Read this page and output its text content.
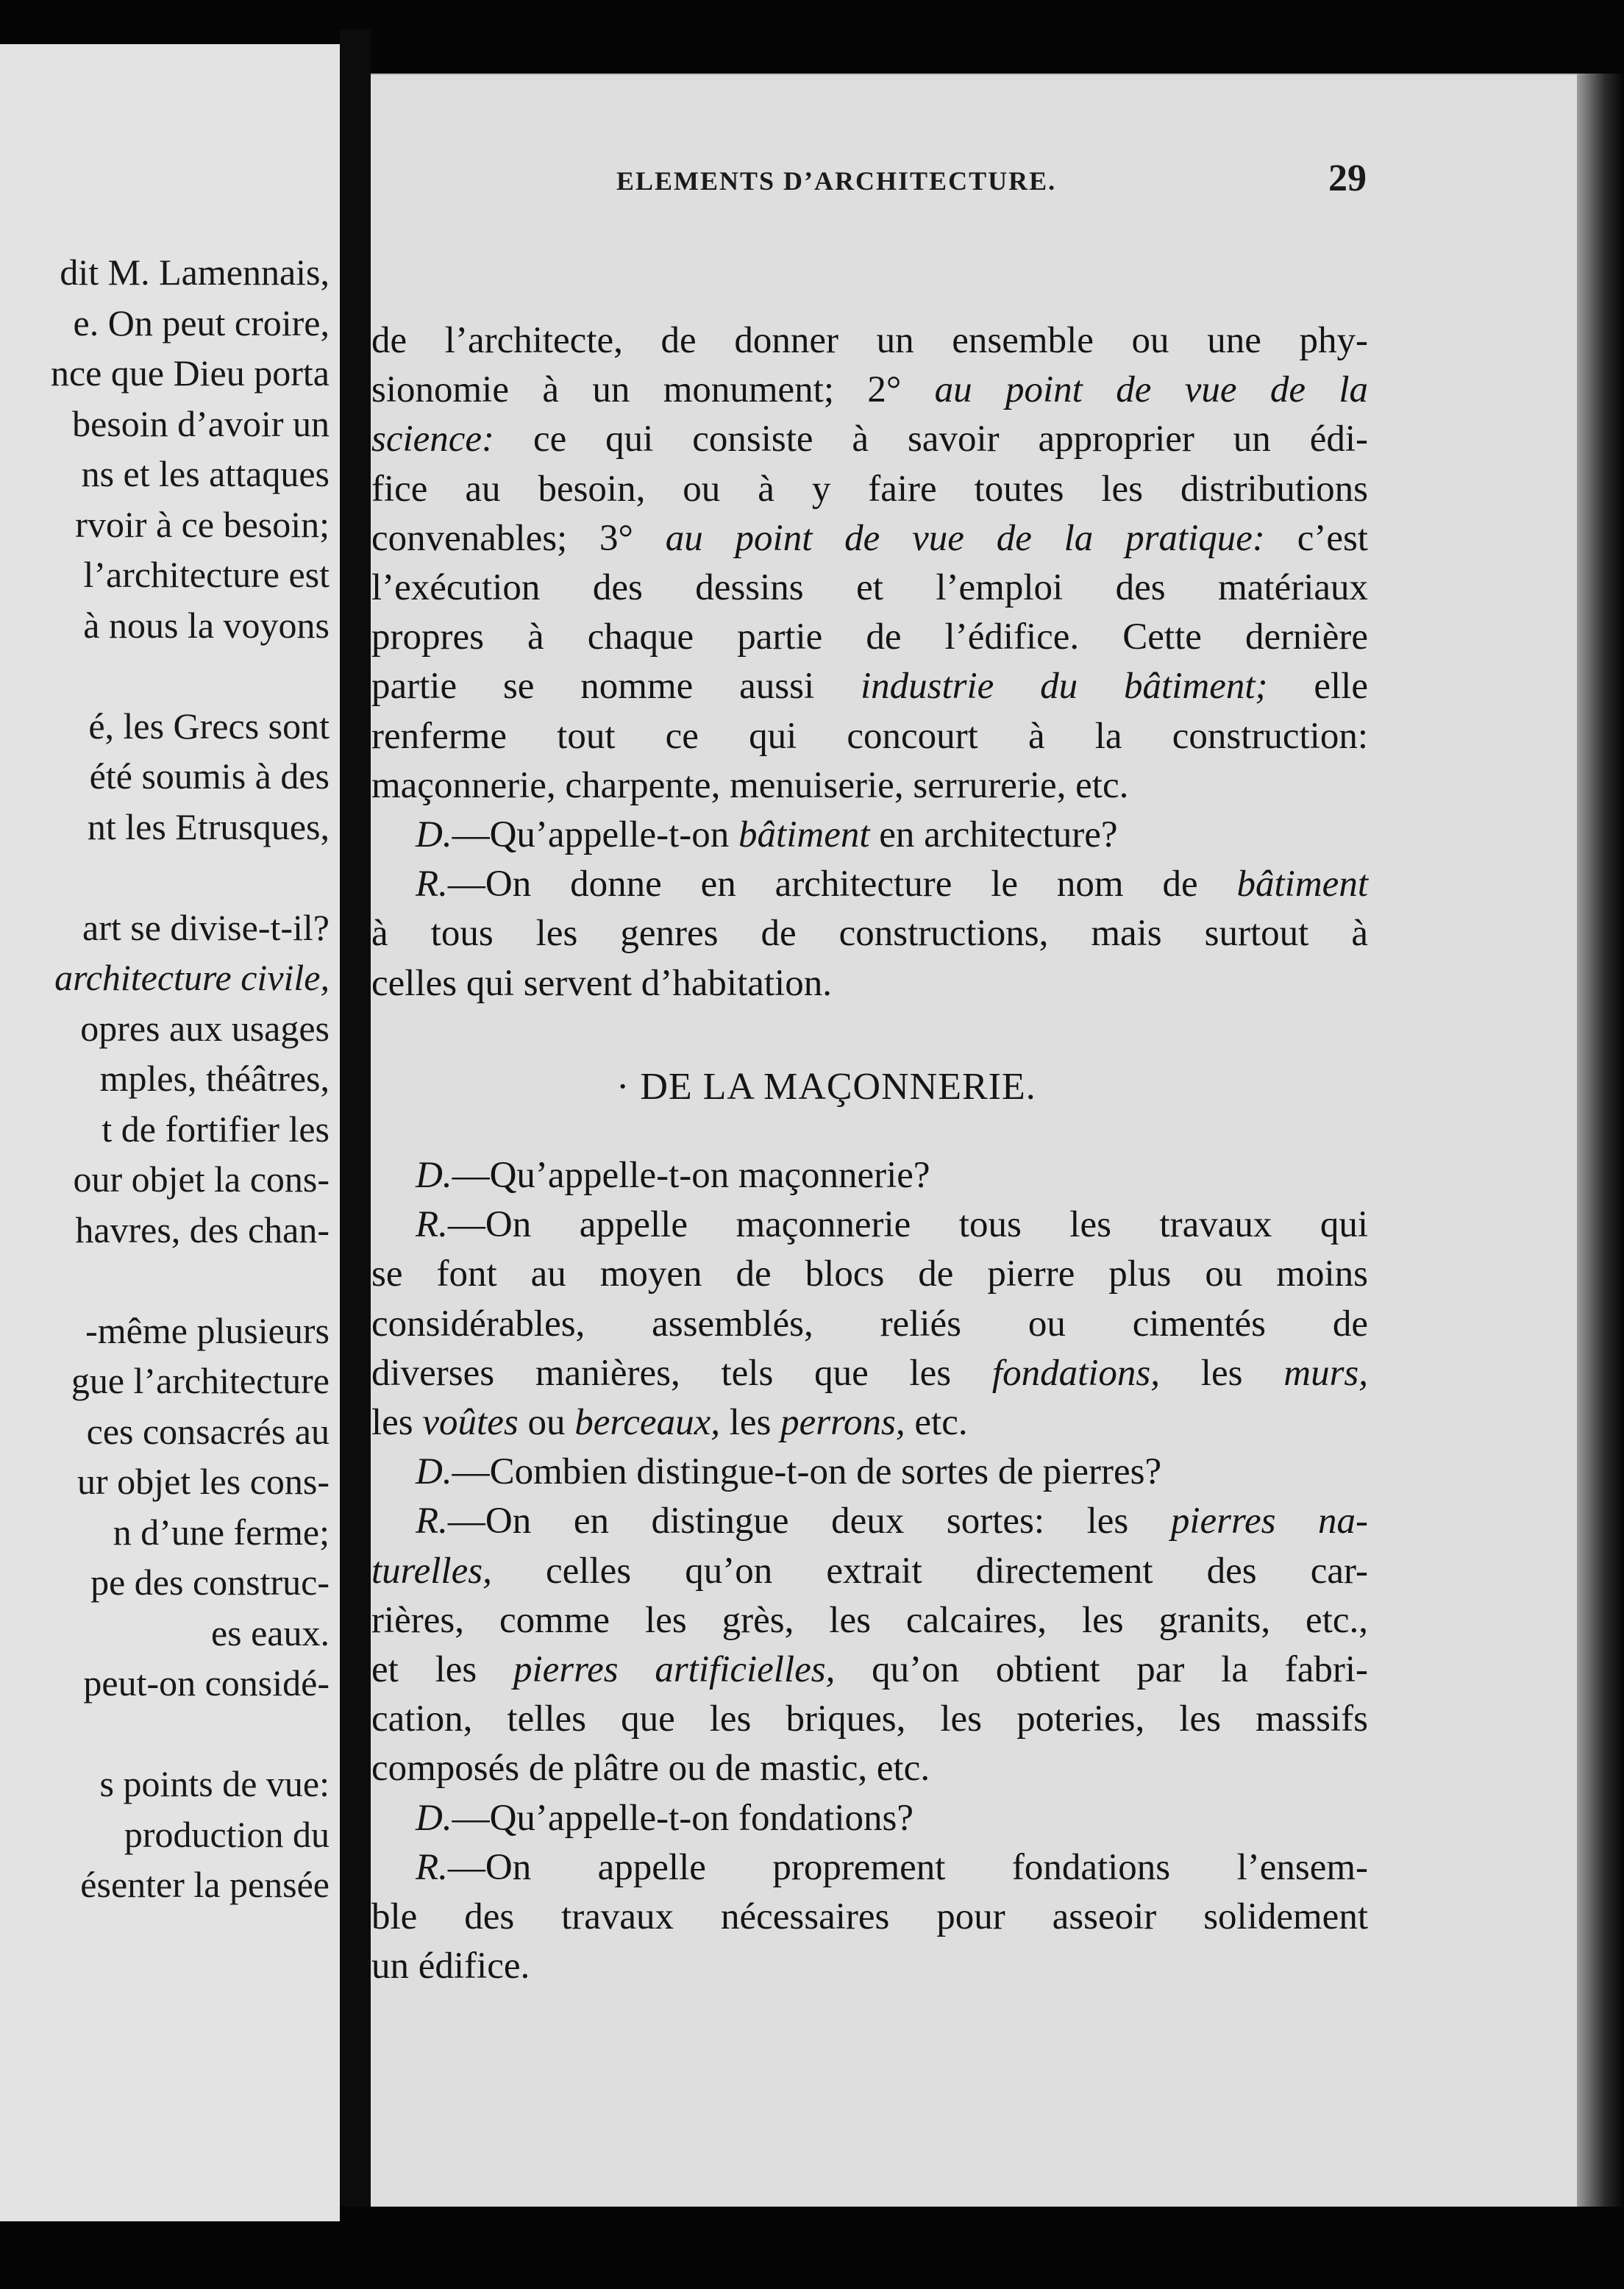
dit M. Lamennais,
e. On peut croire,
nce que Dieu porta
besoin d’avoir un
ns et les attaques
rvoir à ce besoin;
l’architecture est
à nous la voyons
é, les Grecs sont
été soumis à des
nt les Etrusques,
art se divise-t-il?
architecture civile,
opres aux usages
mples, théâtres,
t de fortifier les
our objet la cons-
havres, des chan-
-même plusieurs
gue l’architecture
ces consacrés au
ur objet les cons-
n d’une ferme;
pe des construc-
es eaux.
peut-on considé-
s points de vue:
production du
ésenter la pensée
ELEMENTS D’ARCHITECTURE.	29
de l’architecte, de donner un ensemble ou une phy-
sionomie à un monument; 2° au point de vue de la
science: ce qui consiste à savoir approprier un édi-
fice au besoin, ou à y faire toutes les distributions
convenables; 3° au point de vue de la pratique: c’est
l’exécution des dessins et l’emploi des matériaux
propres à chaque partie de l’édifice. Cette dernière
partie se nomme aussi industrie du bâtiment; elle
renferme tout ce qui concourt à la construction:
maçonnerie, charpente, menuiserie, serrurerie, etc.
D.—Qu’appelle-t-on bâtiment en architecture?
R.—On donne en architecture le nom de bâtiment
à tous les genres de constructions, mais surtout à
celles qui servent d’habitation.
· DE LA MAÇONNERIE.
D.—Qu’appelle-t-on maçonnerie?
R.—On appelle maçonnerie tous les travaux qui
se font au moyen de blocs de pierre plus ou moins
considérables, assemblés, reliés ou cimentés de
diverses manières, tels que les fondations, les murs,
les voûtes ou berceaux, les perrons, etc.
D.—Combien distingue-t-on de sortes de pierres?
R.—On en distingue deux sortes: les pierres na-
turelles, celles qu’on extrait directement des car-
rières, comme les grès, les calcaires, les granits, etc.,
et les pierres artificielles, qu’on obtient par la fabri-
cation, telles que les briques, les poteries, les massifs
composés de plâtre ou de mastic, etc.
D.—Qu’appelle-t-on fondations?
R.—On appelle proprement fondations l’ensem-
ble des travaux nécessaires pour asseoir solidement
un édifice.
